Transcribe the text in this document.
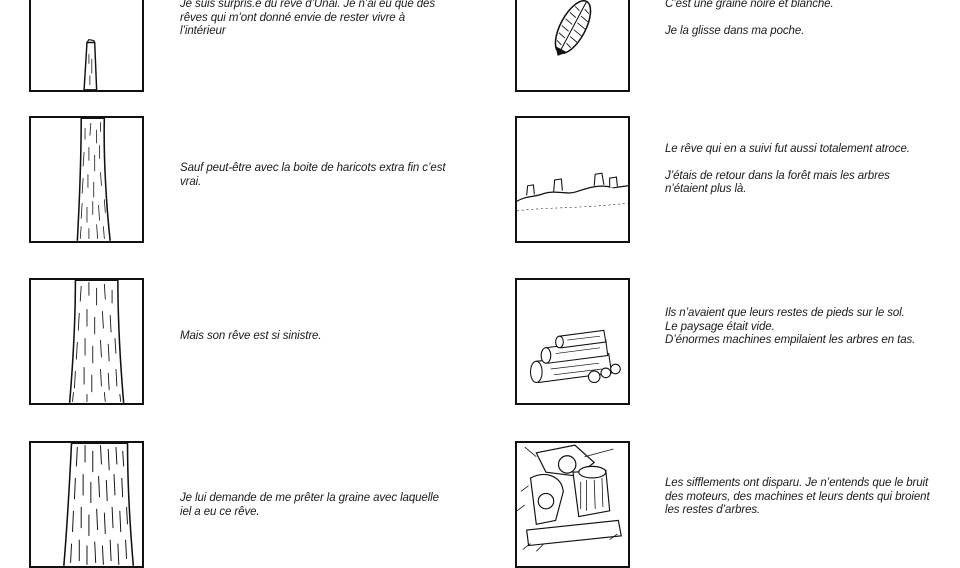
Je suis surpris.e du rêve d’Unai. Je n’ai eu que des rêves qui m’ont donné envie de rester vivre à l’intérieur
Sauf peut-être avec la boite de haricots extra fin c’est vrai.
Mais son rêve est si sinistre.
Je lui demande de me prêter la graine avec laquelle iel a eu ce rêve.

C’est une graine noire et blanche.

Je la glisse dans ma poche.

Le rêve qui en a suivi fut aussi totalement atroce.

J’étais de retour dans la forêt mais les arbres n’étaient plus là.

Ils n’avaient que leurs restes de pieds sur le sol.

Le paysage était vide.

D’énormes machines empilaient les arbres en tas.

Les sifflements ont disparu. Je n’entends que le bruit des moteurs, des machines et leurs dents qui broient les restes d’arbres.
